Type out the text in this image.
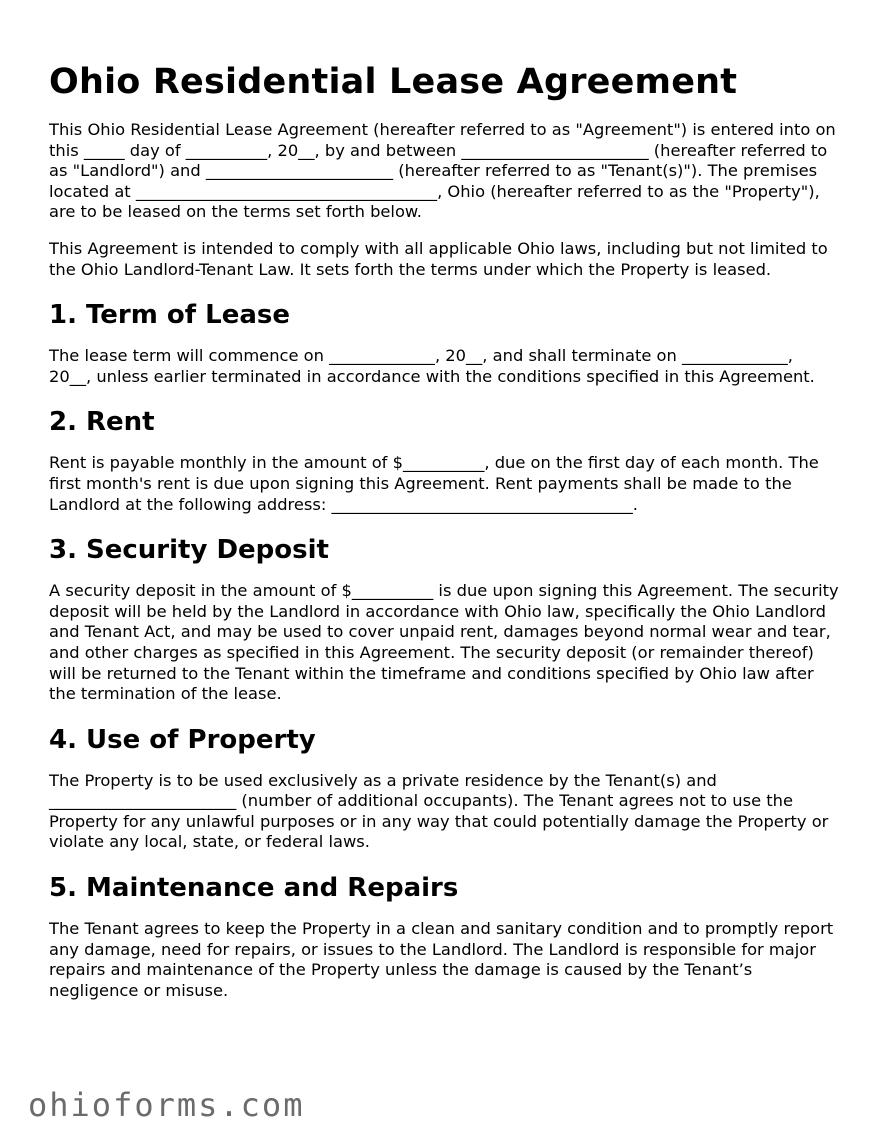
Ohio Residential Lease Agreement

This Ohio Residential Lease Agreement (hereafter referred to as "Agreement") is entered into on this _____ day of __________, 20__, by and between _______________________ (hereafter referred to as "Landlord") and _______________________ (hereafter referred to as "Tenant(s)"). The premises located at _____________________________________, Ohio (hereafter referred to as the "Property"), are to be leased on the terms set forth below.

This Agreement is intended to comply with all applicable Ohio laws, including but not limited to the Ohio Landlord-Tenant Law. It sets forth the terms under which the Property is leased.

1. Term of Lease

The lease term will commence on _____________, 20__, and shall terminate on _____________, 20__, unless earlier terminated in accordance with the conditions specified in this Agreement.

2. Rent

Rent is payable monthly in the amount of $__________, due on the first day of each month. The first month's rent is due upon signing this Agreement. Rent payments shall be made to the Landlord at the following address: _____________________________________.

3. Security Deposit

A security deposit in the amount of $__________ is due upon signing this Agreement. The security deposit will be held by the Landlord in accordance with Ohio law, specifically the Ohio Landlord and Tenant Act, and may be used to cover unpaid rent, damages beyond normal wear and tear, and other charges as specified in this Agreement. The security deposit (or remainder thereof) will be returned to the Tenant within the timeframe and conditions specified by Ohio law after the termination of the lease.

4. Use of Property

The Property is to be used exclusively as a private residence by the Tenant(s) and _______________________ (number of additional occupants). The Tenant agrees not to use the Property for any unlawful purposes or in any way that could potentially damage the Property or violate any local, state, or federal laws.

5. Maintenance and Repairs

The Tenant agrees to keep the Property in a clean and sanitary condition and to promptly report any damage, need for repairs, or issues to the Landlord. The Landlord is responsible for major repairs and maintenance of the Property unless the damage is caused by the Tenant’s negligence or misuse.

ohioforms.com
